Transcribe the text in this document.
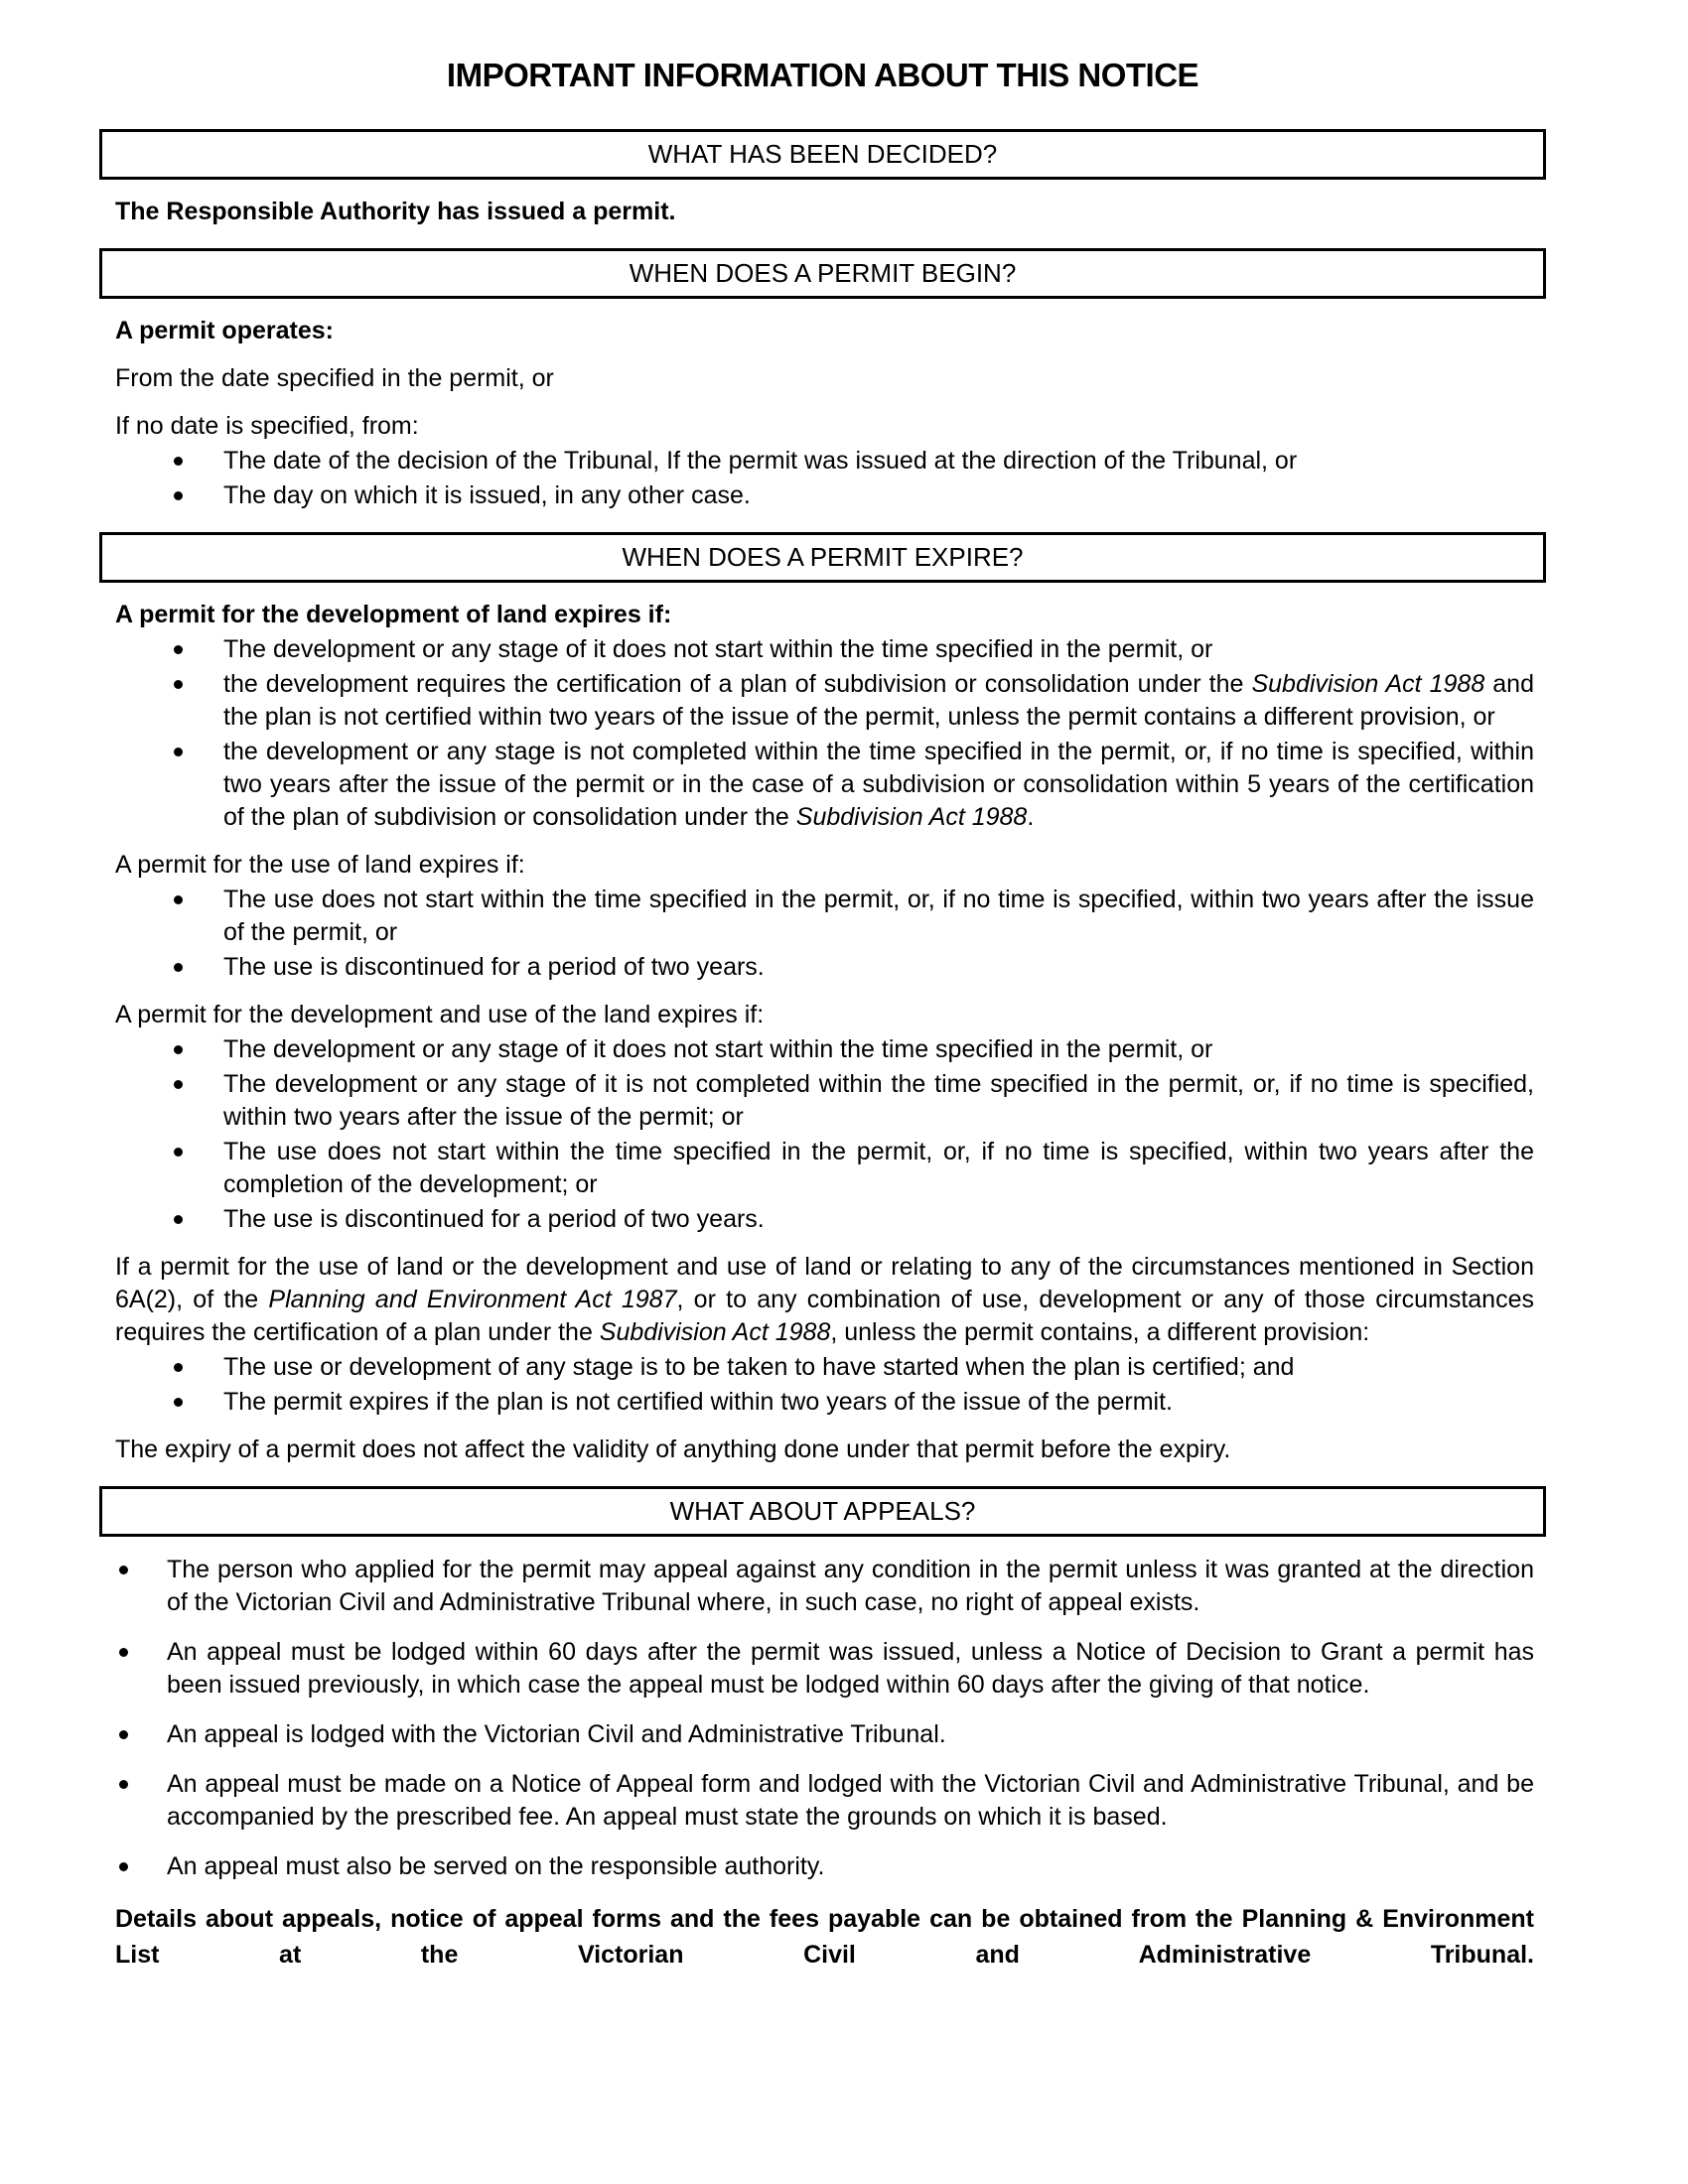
IMPORTANT INFORMATION ABOUT THIS NOTICE
WHAT HAS BEEN DECIDED?

The Responsible Authority has issued a permit.

WHEN DOES A PERMIT BEGIN?

A permit operates:

From the date specified in the permit, or

If no date is specified, from:

The date of the decision of the Tribunal, If the permit was issued at the direction of the Tribunal, or
The day on which it is issued, in any other case.
WHEN DOES A PERMIT EXPIRE?

A permit for the development of land expires if:

The development or any stage of it does not start within the time specified in the permit, or
the development requires the certification of a plan of subdivision or consolidation under the Subdivision Act 1988 and the plan is not certified within two years of the issue of the permit, unless the permit contains a different provision, or
the development or any stage is not completed within the time specified in the permit, or, if no time is specified, within two years after the issue of the permit or in the case of a subdivision or consolidation within 5 years of the certification of the plan of subdivision or consolidation under the Subdivision Act 1988.

A permit for the use of land expires if:

The use does not start within the time specified in the permit, or, if no time is specified, within two years after the issue of the permit, or
The use is discontinued for a period of two years.

A permit for the development and use of the land expires if:

The development or any stage of it does not start within the time specified in the permit, or
The development or any stage of it is not completed within the time specified in the permit, or, if no time is specified, within two years after the issue of the permit; or
The use does not start within the time specified in the permit, or, if no time is specified, within two years after the completion of the development; or
The use is discontinued for a period of two years.

If a permit for the use of land or the development and use of land or relating to any of the circumstances mentioned in Section 6A(2), of the Planning and Environment Act 1987, or to any combination of use, development or any of those circumstances requires the certification of a plan under the Subdivision Act 1988, unless the permit contains, a different provision:

The use or development of any stage is to be taken to have started when the plan is certified; and
The permit expires if the plan is not certified within two years of the issue of the permit.

The expiry of a permit does not affect the validity of anything done under that permit before the expiry.

WHAT ABOUT APPEALS?
The person who applied for the permit may appeal against any condition in the permit unless it was granted at the direction of the Victorian Civil and Administrative Tribunal where, in such case, no right of appeal exists.
An appeal must be lodged within 60 days after the permit was issued, unless a Notice of Decision to Grant a permit has been issued previously, in which case the appeal must be lodged within 60 days after the giving of that notice.
An appeal is lodged with the Victorian Civil and Administrative Tribunal.
An appeal must be made on a Notice of Appeal form and lodged with the Victorian Civil and Administrative Tribunal, and be accompanied by the prescribed fee. An appeal must state the grounds on which it is based.
An appeal must also be served on the responsible authority.

Details about appeals, notice of appeal forms and the fees payable can be obtained from the Planning & Environment List at the Victorian Civil and Administrative Tribunal.
